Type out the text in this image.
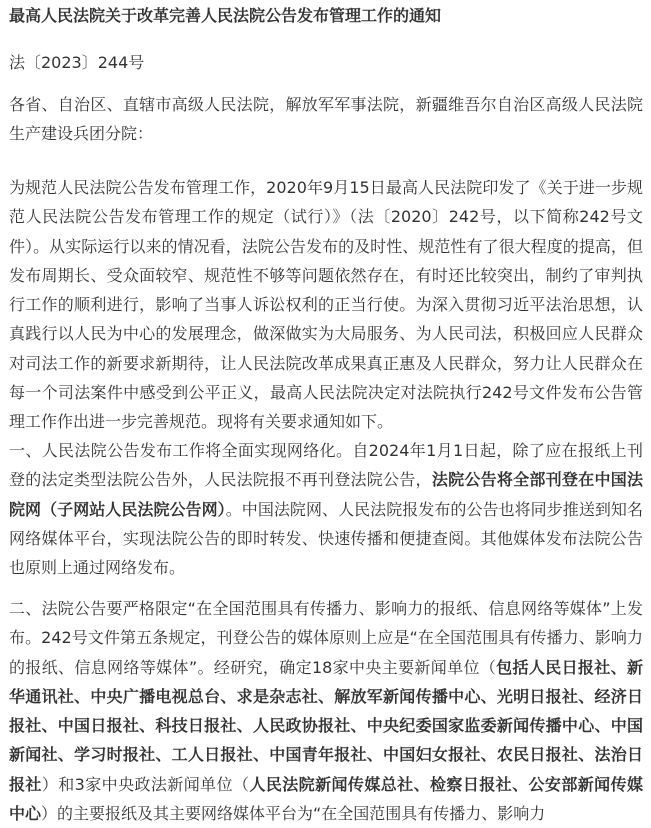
最高人民法院关于改革完善人民法院公告发布管理工作的通知
法〔2023〕244号

各省、自治区、直辖市高级人民法院，解放军军事法院，新疆维吾尔自治区高级人民法院生产建设兵团分院：

为规范人民法院公告发布管理工作，2020年9月15日最高人民法院印发了《关于进一步规范人民法院公告发布管理工作的规定（试行）》（法〔2020〕242号，以下简称242号文件）。从实际运行以来的情况看，法院公告发布的及时性、规范性有了很大程度的提高，但发布周期长、受众面较窄、规范性不够等问题依然存在，有时还比较突出，制约了审判执行工作的顺利进行，影响了当事人诉讼权利的正当行使。为深入贯彻习近平法治思想，认真践行以人民为中心的发展理念，做深做实为大局服务、为人民司法，积极回应人民群众对司法工作的新要求新期待，让人民法院改革成果真正惠及人民群众，努力让人民群众在每一个司法案件中感受到公平正义，最高人民法院决定对法院执行242号文件发布公告管理工作作出进一步完善规范。现将有关要求通知如下。

一、人民法院公告发布工作将全面实现网络化。自2024年1月1日起，除了应在报纸上刊登的法定类型法院公告外，人民法院报不再刊登法院公告，法院公告将全部刊登在中国法院网（子网站人民法院公告网）。中国法院网、人民法院报发布的公告也将同步推送到知名网络媒体平台，实现法院公告的即时转发、快速传播和便捷查阅。其他媒体发布法院公告也原则上通过网络发布。

二、法院公告要严格限定“在全国范围具有传播力、影响力的报纸、信息网络等媒体”上发布。242号文件第五条规定，刊登公告的媒体原则上应是“在全国范围具有传播力、影响力的报纸、信息网络等媒体”。经研究，确定18家中央主要新闻单位（包括人民日报社、新华通讯社、中央广播电视总台、求是杂志社、解放军新闻传播中心、光明日报社、经济日报社、中国日报社、科技日报社、人民政协报社、中央纪委国家监委新闻传播中心、中国新闻社、学习时报社、工人日报社、中国青年报社、中国妇女报社、农民日报社、法治日报社）和3家中央政法新闻单位（人民法院新闻传媒总社、检察日报社、公安部新闻传媒中心）的主要报纸及其主要网络媒体平台为“在全国范围具有传播力、影响力
